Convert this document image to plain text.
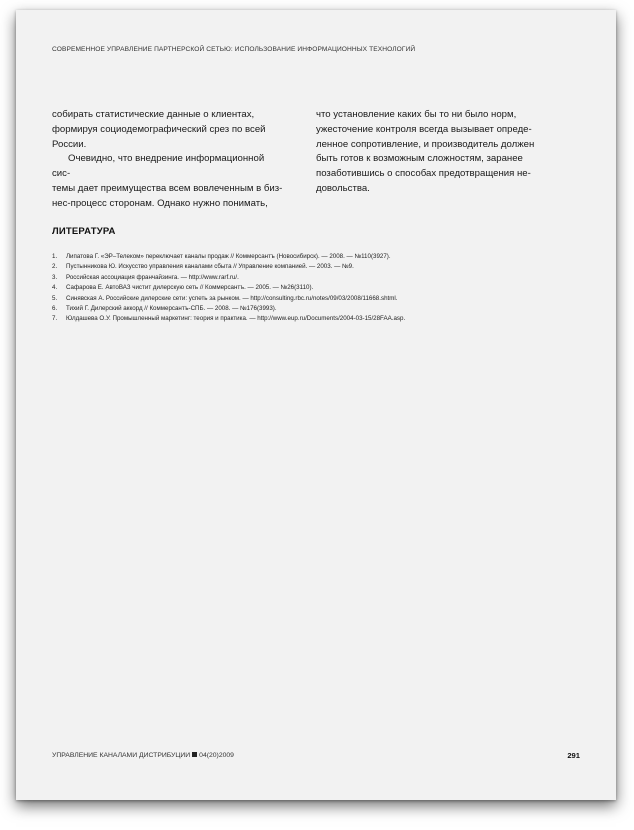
СОВРЕМЕННОЕ УПРАВЛЕНИЕ ПАРТНЕРСКОЙ СЕТЬЮ: ИСПОЛЬЗОВАНИЕ ИНФОРМАЦИОННЫХ ТЕХНОЛОГИЙ

собирать статистические данные о клиентах,
формируя социодемографический срез по всей
России.

Очевидно, что внедрение информационной сис-
темы дает преимущества всем вовлеченным в биз-
нес-процесс сторонам. Однако нужно понимать,

что установление каких бы то ни было норм,
ужесточение контроля всегда вызывает опреде-
ленное сопротивление, и производитель должен
быть готов к возможным сложностям, заранее
позаботившись о способах предотвращения не-
довольства.

ЛИТЕРАТУРА
1.	Липатова Г. «ЭР–Телеком» переключает каналы продаж // Коммерсантъ (Новосибирск). — 2008. — №110(3927).
2.	Пустынникова Ю. Искусство управления каналами сбыта // Управление компанией. — 2003. — №9.
3.	Российская ассоциация франчайзинга. — http://www.rarf.ru/.
4.	Сафарова Е. АвтоВАЗ чистит дилерскую сеть // Коммерсантъ. — 2005. — №26(3110).
5.	Синявская А. Российские дилерские сети: успеть за рынком. — http://consulting.rbc.ru/notes/09/03/2008/11668.shtml.
6.	Тихий Г. Дилерский аккорд // Коммерсантъ-СПБ. — 2008. — №176(3993).
7.	Юлдашева О.У. Промышленный маркетинг: теория и практика. — http://www.eup.ru/Documents/2004-03-15/28FAA.asp.
УПРАВЛЕНИЕ КАНАЛАМИ ДИСТРИБУЦИИ 04(20)2009	291
